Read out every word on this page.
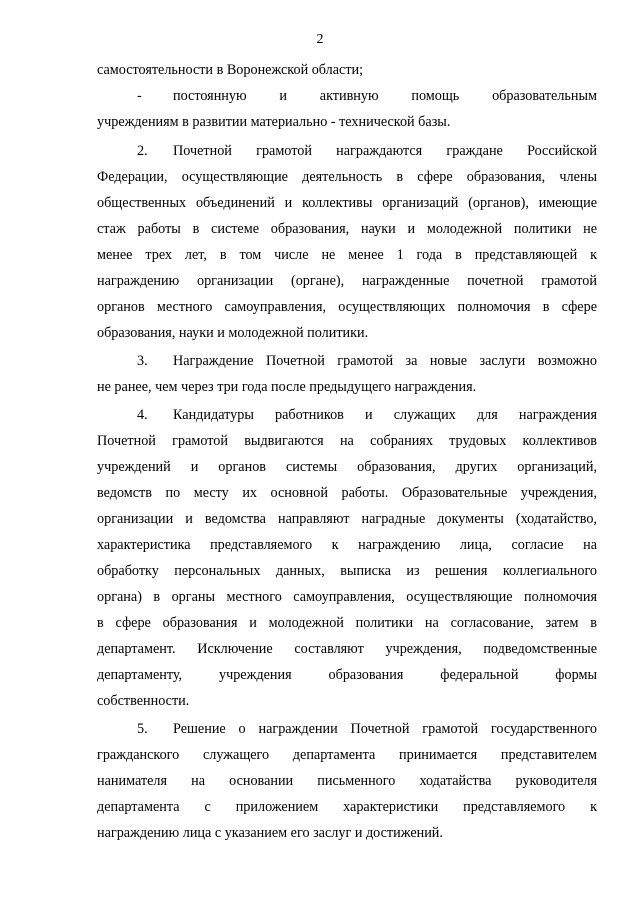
2
самостоятельности в Воронежской области;
- постоянную и активную помощь образовательным
учреждениям в развитии материально - технической базы.
2. Почетной грамотой награждаются граждане Российской
Федерации, осуществляющие деятельность в сфере образования, члены
общественных объединений и коллективы организаций (органов), имеющие
стаж работы в системе образования, науки и молодежной политики не
менее трех лет, в том числе не менее 1 года в представляющей к
награждению организации (органе), награжденные почетной грамотой
органов местного самоуправления, осуществляющих полномочия в сфере
образования, науки и молодежной политики.
3. Награждение Почетной грамотой за новые заслуги возможно
не ранее, чем через три года после предыдущего награждения.
4. Кандидатуры работников и служащих для награждения
Почетной грамотой выдвигаются на собраниях трудовых коллективов
учреждений и органов системы образования, других организаций,
ведомств по месту их основной работы. Образовательные учреждения,
организации и ведомства направляют наградные документы (ходатайство,
характеристика представляемого к награждению лица, согласие на
обработку персональных данных, выписка из решения коллегиального
органа) в органы местного самоуправления, осуществляющие полномочия
в сфере образования и молодежной политики на согласование, затем в
департамент. Исключение составляют учреждения, подведомственные
департаменту, учреждения образования федеральной формы
собственности.
5. Решение о награждении Почетной грамотой государственного
гражданского служащего департамента принимается представителем
нанимателя на основании письменного ходатайства руководителя
департамента с приложением характеристики представляемого к
награждению лица с указанием его заслуг и достижений.
